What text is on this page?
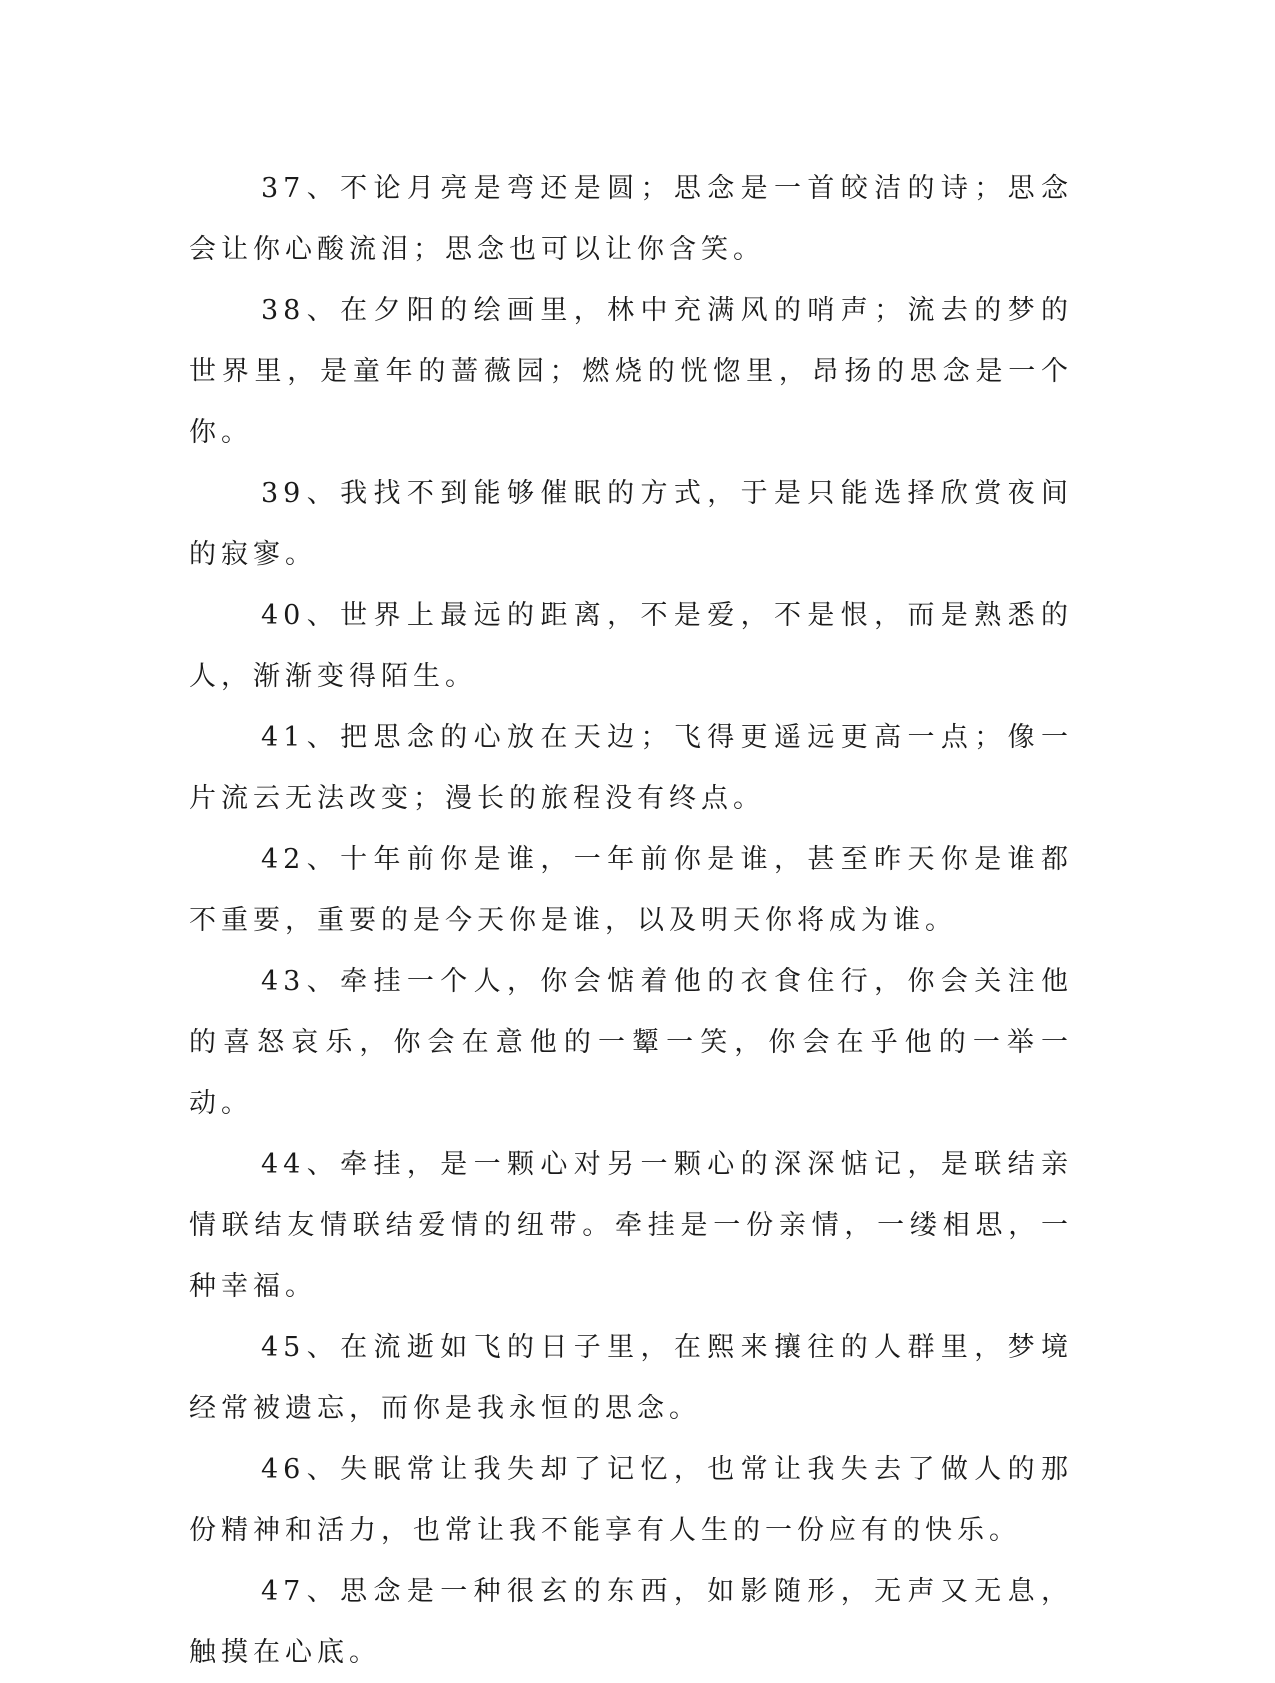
37、不论月亮是弯还是圆；思念是一首皎洁的诗；思念会让你心酸流泪；思念也可以让你含笑。

38、在夕阳的绘画里，林中充满风的哨声；流去的梦的世界里，是童年的蔷薇园；燃烧的恍惚里，昂扬的思念是一个你。

39、我找不到能够催眠的方式，于是只能选择欣赏夜间的寂寥。

40、世界上最远的距离，不是爱，不是恨，而是熟悉的人，渐渐变得陌生。

41、把思念的心放在天边；飞得更遥远更高一点；像一片流云无法改变；漫长的旅程没有终点。

42、十年前你是谁，一年前你是谁，甚至昨天你是谁都不重要，重要的是今天你是谁，以及明天你将成为谁。

43、牵挂一个人，你会惦着他的衣食住行，你会关注他的喜怒哀乐，你会在意他的一颦一笑，你会在乎他的一举一动。

44、牵挂，是一颗心对另一颗心的深深惦记，是联结亲情联结友情联结爱情的纽带。牵挂是一份亲情，一缕相思，一种幸福。

45、在流逝如飞的日子里，在熙来攘往的人群里，梦境经常被遗忘，而你是我永恒的思念。

46、失眠常让我失却了记忆，也常让我失去了做人的那份精神和活力，也常让我不能享有人生的一份应有的快乐。

47、思念是一种很玄的东西，如影随形，无声又无息，触摸在心底。
